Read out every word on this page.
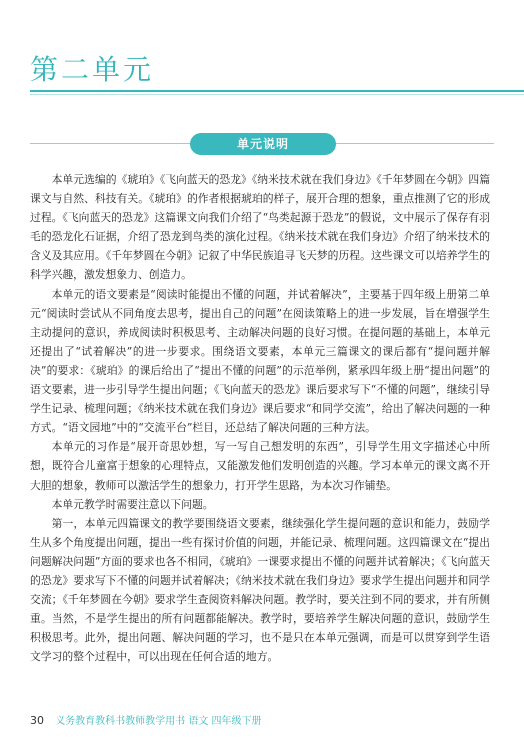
第二单元
单元说明

本单元选编的《琥珀》《飞向蓝天的恐龙》《纳米技术就在我们身边》《千年梦圆在今朝》四篇课文与自然、科技有关。《琥珀》的作者根据琥珀的样子，展开合理的想象，重点推测了它的形成过程。《飞向蓝天的恐龙》这篇课文向我们介绍了“鸟类起源于恐龙”的假说，文中展示了保存有羽毛的恐龙化石证据，介绍了恐龙到鸟类的演化过程。《纳米技术就在我们身边》介绍了纳米技术的含义及其应用。《千年梦圆在今朝》记叙了中华民族追寻飞天梦的历程。这些课文可以培养学生的科学兴趣，激发想象力、创造力。

本单元的语文要素是“阅读时能提出不懂的问题，并试着解决”，主要基于四年级上册第二单元“阅读时尝试从不同角度去思考，提出自己的问题”在阅读策略上的进一步发展，旨在增强学生主动提问的意识，养成阅读时积极思考、主动解决问题的良好习惯。在提问题的基础上，本单元还提出了“试着解决”的进一步要求。围绕语文要素，本单元三篇课文的课后都有“提问题并解决”的要求：《琥珀》的课后给出了“提出不懂的问题”的示范举例，紧承四年级上册“提出问题”的语文要素，进一步引导学生提出问题；《飞向蓝天的恐龙》课后要求写下“不懂的问题”，继续引导学生记录、梳理问题；《纳米技术就在我们身边》课后要求“和同学交流”，给出了解决问题的一种方式。“语文园地”中的“交流平台”栏目，还总结了解决问题的三种方法。

本单元的习作是“展开奇思妙想，写一写自己想发明的东西”，引导学生用文字描述心中所想，既符合儿童富于想象的心理特点，又能激发他们发明创造的兴趣。学习本单元的课文离不开大胆的想象，教师可以激活学生的想象力，打开学生思路，为本次习作铺垫。

本单元教学时需要注意以下问题。

第一，本单元四篇课文的教学要围绕语文要素，继续强化学生提问题的意识和能力，鼓励学生从多个角度提出问题，提出一些有探讨价值的问题，并能记录、梳理问题。这四篇课文在“提出问题解决问题”方面的要求也各不相同，《琥珀》一课要求提出不懂的问题并试着解决；《飞向蓝天的恐龙》要求写下不懂的问题并试着解决；《纳米技术就在我们身边》要求学生提出问题并和同学交流；《千年梦圆在今朝》要求学生查阅资料解决问题。教学时，要关注到不同的要求，并有所侧重。当然，不是学生提出的所有问题都能解决。教学时，要培养学生解决问题的意识，鼓励学生积极思考。此外，提出问题、解决问题的学习，也不是只在本单元强调，而是可以贯穿到学生语文学习的整个过程中，可以出现在任何合适的地方。

30 义务教育教科书教师教学用书 语文 四年级下册
